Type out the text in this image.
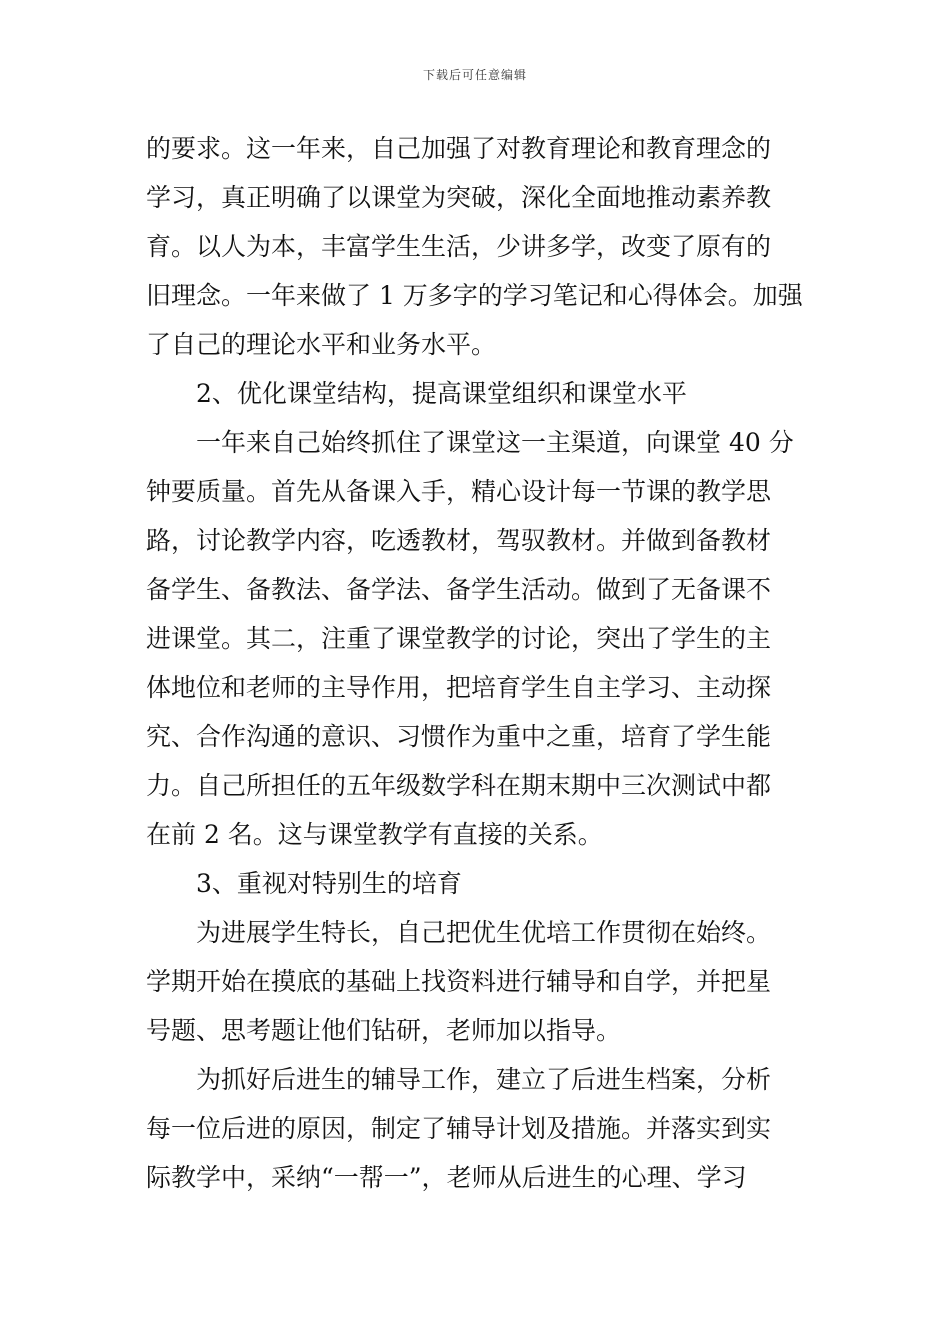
下载后可任意编辑
的要求。这一年来，自己加强了对教育理论和教育理念的
学习，真正明确了以课堂为突破，深化全面地推动素养教
育。以人为本，丰富学生生活，少讲多学，改变了原有的
旧理念。一年来做了 1 万多字的学习笔记和心得体会。加强
了自己的理论水平和业务水平。
2、优化课堂结构，提高课堂组织和课堂水平
一年来自己始终抓住了课堂这一主渠道，向课堂 40 分
钟要质量。首先从备课入手，精心设计每一节课的教学思
路，讨论教学内容，吃透教材，驾驭教材。并做到备教材
备学生、备教法、备学法、备学生活动。做到了无备课不
进课堂。其二，注重了课堂教学的讨论，突出了学生的主
体地位和老师的主导作用，把培育学生自主学习、主动探
究、合作沟通的意识、习惯作为重中之重，培育了学生能
力。自己所担任的五年级数学科在期末期中三次测试中都
在前 2 名。这与课堂教学有直接的关系。
3、重视对特别生的培育
为进展学生特长，自己把优生优培工作贯彻在始终。
学期开始在摸底的基础上找资料进行辅导和自学，并把星
号题、思考题让他们钻研，老师加以指导。
为抓好后进生的辅导工作，建立了后进生档案，分析
每一位后进的原因，制定了辅导计划及措施。并落实到实
际教学中，采纳“一帮一”，老师从后进生的心理、学习
